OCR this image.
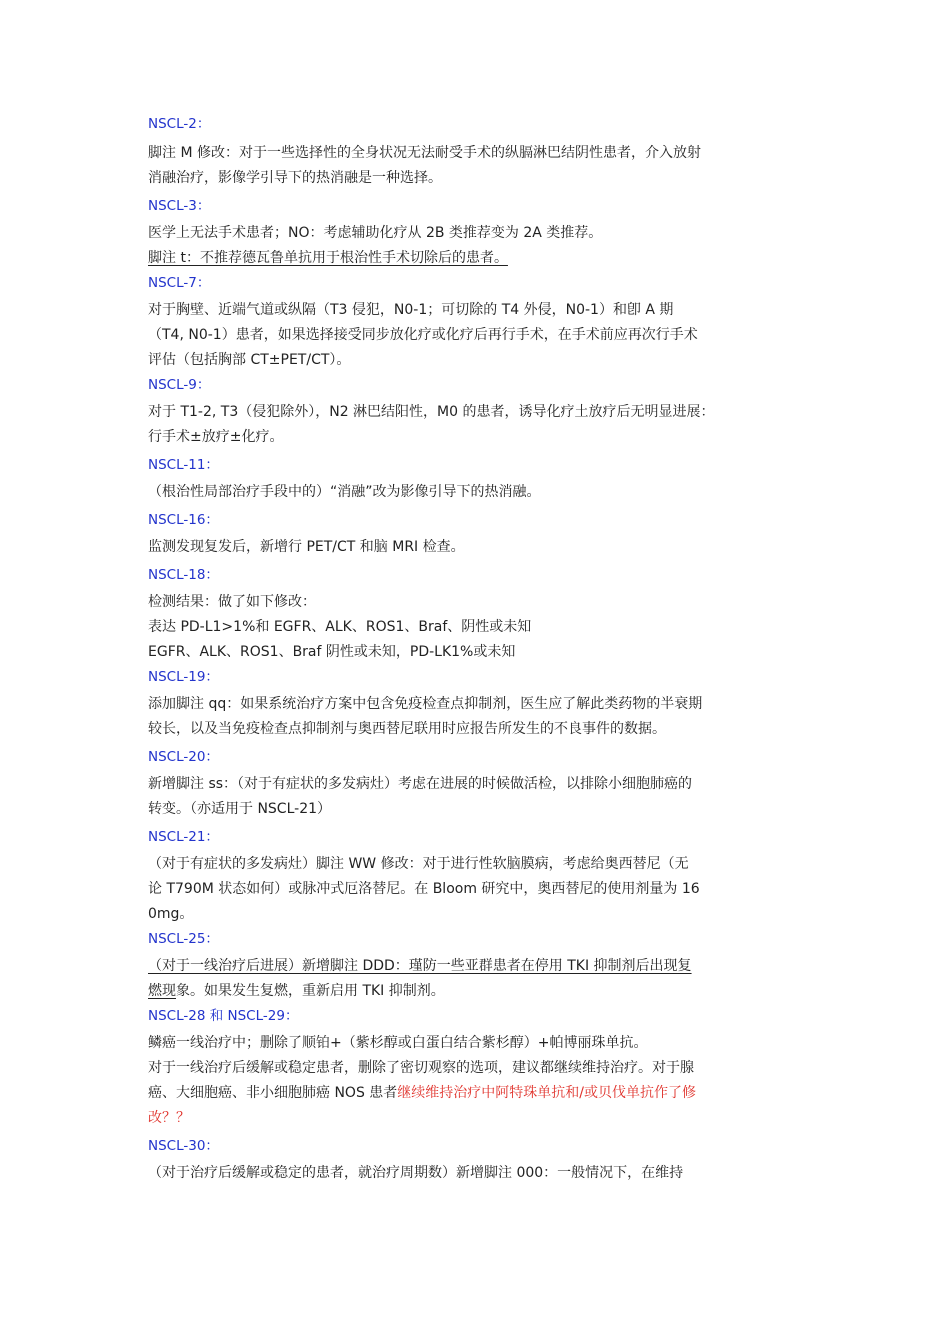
NSCL-2：
脚注 M 修改：对于一些选择性的全身状况无法耐受手术的纵膈淋巴结阴性患者，介入放射
消融治疗，影像学引导下的热消融是一种选择。
NSCL-3：
医学上无法手术患者；NO：考虑辅助化疗从 2B 类推荐变为 2A 类推荐。
脚注 t：不推荐德瓦鲁单抗用于根治性手术切除后的患者。
NSCL-7：
对于胸壁、近端气道或纵隔（T3 侵犯，N0-1；可切除的 T4 外侵，N0-1）和卽 A 期
（T4, N0-1）患者，如果选择接受同步放化疗或化疗后再行手术，在手术前应再次行手术
评估（包括胸部 CT±PET/CT）。
NSCL-9：
对于 T1-2, T3（侵犯除外），N2 淋巴结阳性，M0 的患者，诱导化疗土放疗后无明显进展：
行手术±放疗±化疗。
NSCL-11：
（根治性局部治疗手段中的）“消融”改为影像引导下的热消融。
NSCL-16：
监测发现复发后，新增行 PET/CT 和脑 MRI 检查。
NSCL-18：
检测结果：做了如下修改：
表达 PD-L1>1%和 EGFR、ALK、ROS1、Braf、阴性或未知
EGFR、ALK、ROS1、Braf 阴性或未知，PD-LK1%或未知
NSCL-19：
添加脚注 qq：如果系统治疗方案中包含免疫检查点抑制剂，医生应了解此类药物的半衰期
较长，以及当免疫检查点抑制剂与奥西替尼联用时应报告所发生的不良事件的数据。
NSCL-20：
新增脚注 ss：（对于有症状的多发病灶）考虑在进展的时候做活检，以排除小细胞肺癌的
转变。（亦适用于 NSCL-21）
NSCL-21：
（对于有症状的多发病灶）脚注 WW 修改：对于进行性软脑膜病，考虑给奥西替尼（无
论 T790M 状态如何）或脉冲式厄洛替尼。在 Bloom 研究中，奥西替尼的使用剂量为 16
0mg。
NSCL-25：
（对于一线治疗后进展）新增脚注 DDD：瑾防一些亚群患者在停用 TKI 抑制剂后出现复
燃现象。如果发生复燃，重新启用 TKI 抑制剂。
NSCL-28 和 NSCL-29：
鳞癌一线治疗中；删除了顺铂+（紫杉醇或白蛋白结合紫杉醇）+帕博丽珠单抗。
对于一线治疗后缓解或稳定患者，删除了密切观察的选项，建议都继续维持治疗。对于腺
癌、大细胞癌、非小细胞肺癌 NOS 患者继续维持治疗中阿特珠单抗和/或贝伐单抗作了修
改？？
NSCL-30：
（对于治疗后缓解或稳定的患者，就治疗周期数）新增脚注 000：一般情况下，在维持
